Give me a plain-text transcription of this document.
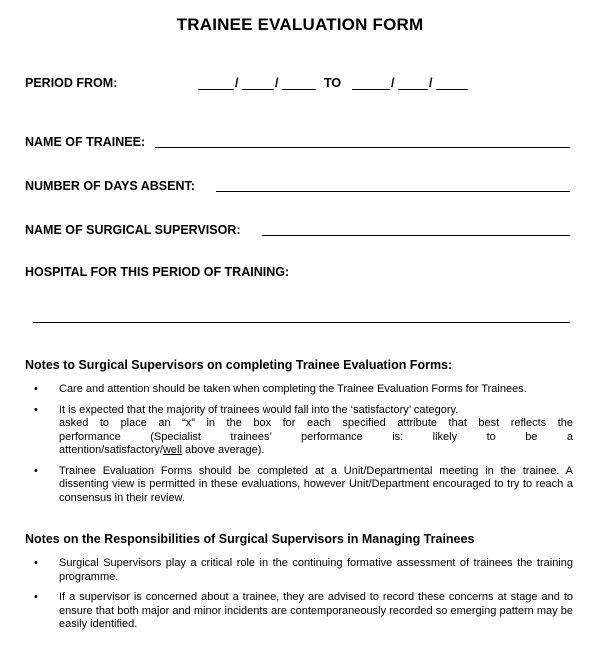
TRAINEE EVALUATION FORM
PERIOD FROM:	/	/	TO	/	/
NAME OF TRAINEE:
NUMBER OF DAYS ABSENT:
NAME OF SURGICAL SUPERVISOR:
HOSPITAL FOR THIS PERIOD OF TRAINING:
Notes to Surgical Supervisors on completing Trainee Evaluation Forms:
• Care and attention should be taken when completing the Trainee Evaluation Forms for Trainees.
• It is expected that the majority of trainees would fall into the ‘satisfactory’ category.

asked to place an “x” in the box for each specified attribute that best reflects the
performance (Specialist trainees’ performance is: likely to be a
attention/satisfactory/well above average).
• Trainee Evaluation Forms should be completed at a Unit/Departmental meeting in the trainee. A dissenting view is permitted in these evaluations, however Unit/Department encouraged to try to reach a consensus in their review.
Notes on the Responsibilities of Surgical Supervisors in Managing Trainees
• Surgical Supervisors play a critical role in the continuing formative assessment of trainees the training programme.
• If a supervisor is concerned about a trainee, they are advised to record these concerns at stage and to ensure that both major and minor incidents are contemporaneously recorded so emerging pattern may be easily identified.
